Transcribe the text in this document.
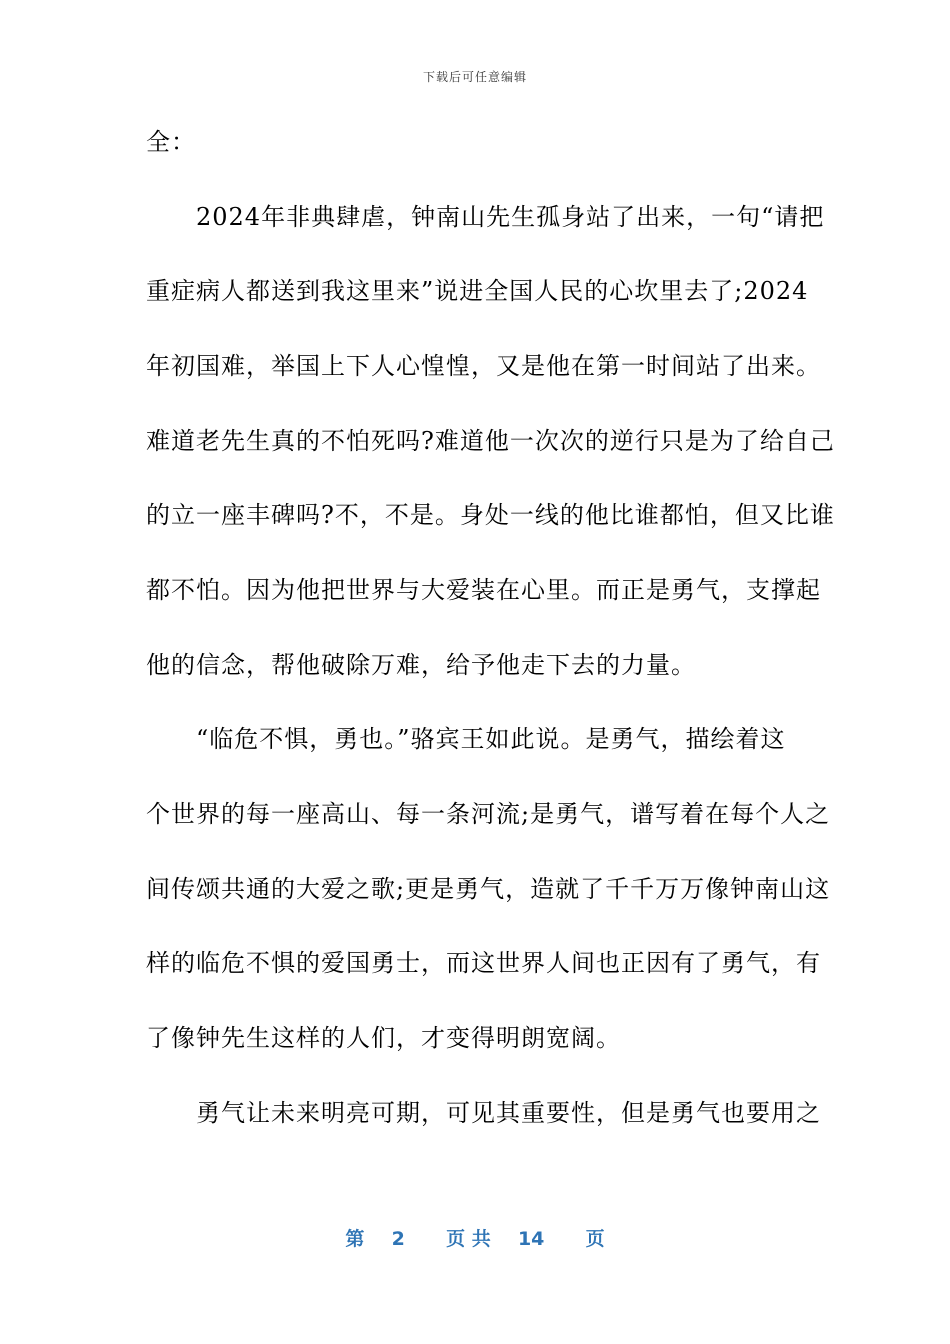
下载后可任意编辑
全：
　　2024年非典肆虐，钟南山先生孤身站了出来，一句“请把
重症病人都送到我这里来”说进全国人民的心坎里去了;2024
年初国难，举国上下人心惶惶，又是他在第一时间站了出来。
难道老先生真的不怕死吗?难道他一次次的逆行只是为了给自己
的立一座丰碑吗?不，不是。身处一线的他比谁都怕，但又比谁
都不怕。因为他把世界与大爱装在心里。而正是勇气，支撑起
他的信念，帮他破除万难，给予他走下去的力量。
　　“临危不惧，勇也。”骆宾王如此说。是勇气，描绘着这
个世界的每一座高山、每一条河流;是勇气，谱写着在每个人之
间传颂共通的大爱之歌;更是勇气，造就了千千万万像钟南山这
样的临危不惧的爱国勇士，而这世界人间也正因有了勇气，有
了像钟先生这样的人们，才变得明朗宽阔。
　　勇气让未来明亮可期，可见其重要性，但是勇气也要用之
第 2 页 共 14 页
